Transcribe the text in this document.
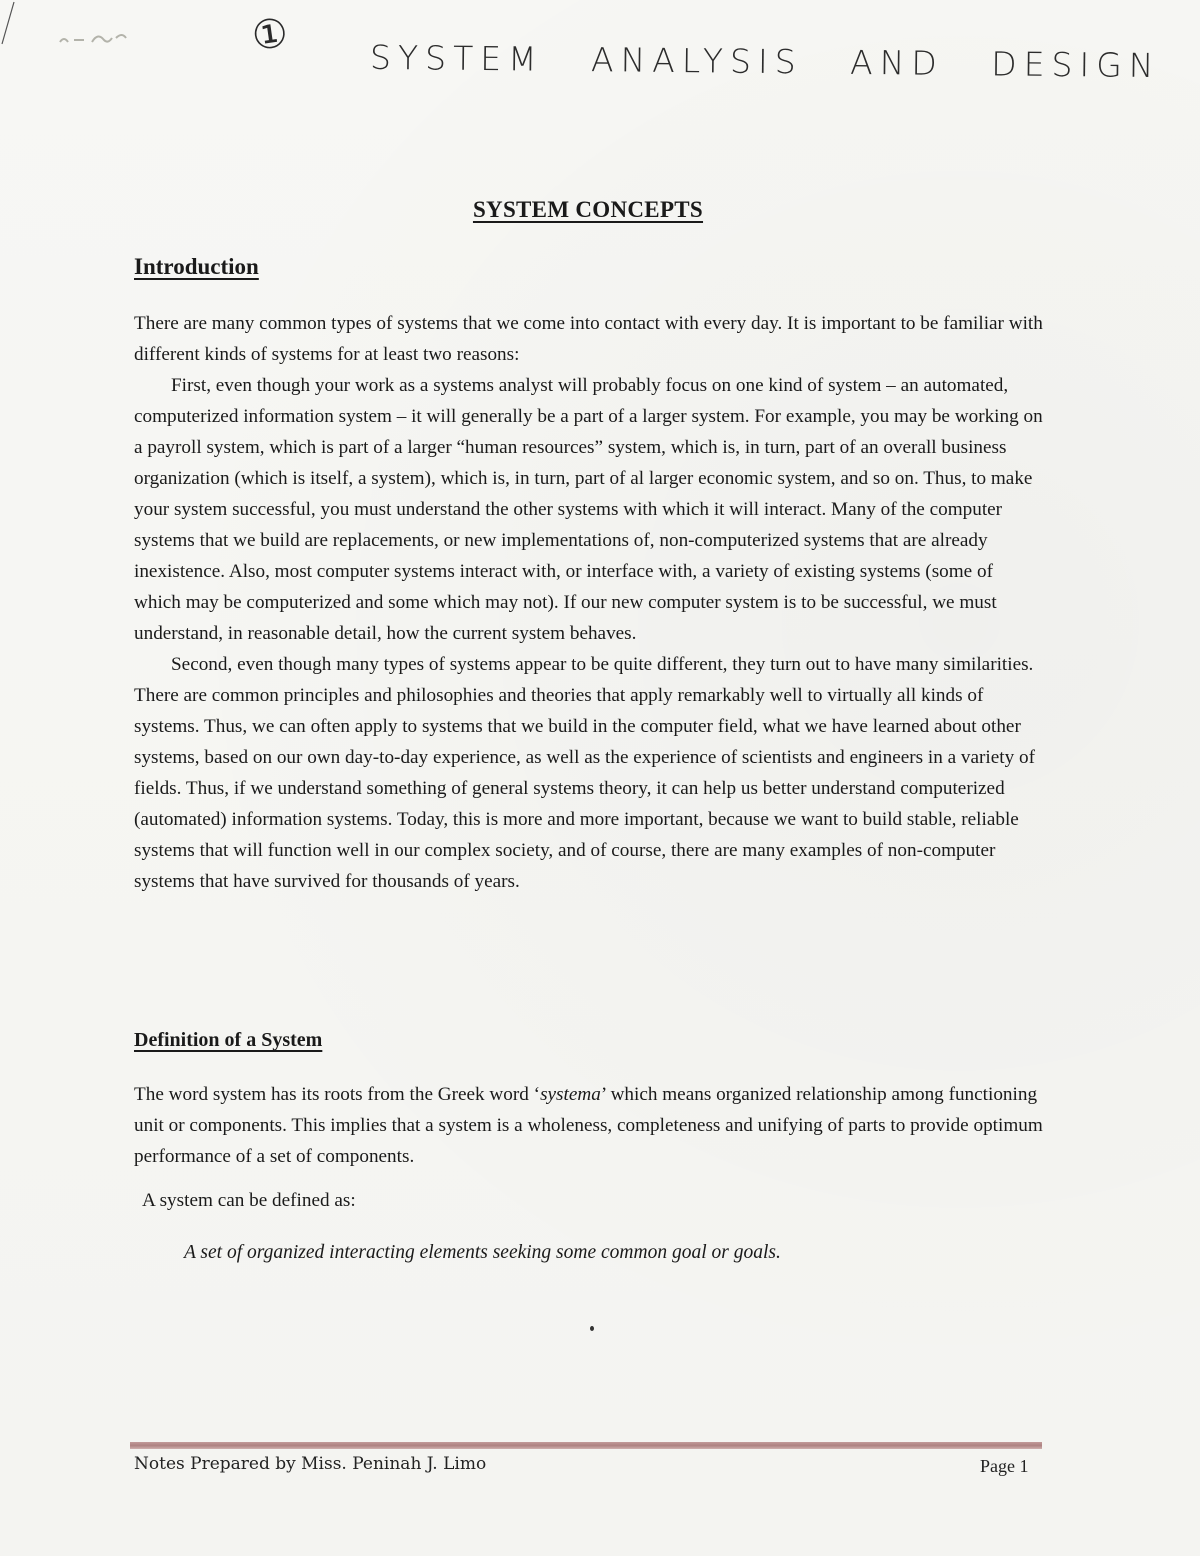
①
SYSTEM ANALYSIS AND DESIGN
SYSTEM CONCEPTS
Introduction

There are many common types of systems that we come into contact with every day. It is important to be familiar with different kinds of systems for at least two reasons:

First, even though your work as a systems analyst will probably focus on one kind of system – an automated, computerized information system – it will generally be a part of a larger system. For example, you may be working on a payroll system, which is part of a larger “human resources” system, which is, in turn, part of an overall business organization (which is itself, a system), which is, in turn, part of al larger economic system, and so on. Thus, to make your system successful, you must understand the other systems with which it will interact. Many of the computer systems that we build are replacements, or new implementations of, non-computerized systems that are already inexistence. Also, most computer systems interact with, or interface with, a variety of existing systems (some of which may be computerized and some which may not). If our new computer system is to be successful, we must understand, in reasonable detail, how the current system behaves.

Second, even though many types of systems appear to be quite different, they turn out to have many similarities. There are common principles and philosophies and theories that apply remarkably well to virtually all kinds of systems. Thus, we can often apply to systems that we build in the computer field, what we have learned about other systems, based on our own day-to-day experience, as well as the experience of scientists and engineers in a variety of fields. Thus, if we understand something of general systems theory, it can help us better understand computerized (automated) information systems. Today, this is more and more important, because we want to build stable, reliable systems that will function well in our complex society, and of course, there are many examples of non-computer systems that have survived for thousands of years.

Definition of a System

The word system has its roots from the Greek word ‘systema’ which means organized relationship among functioning unit or components. This implies that a system is a wholeness, completeness and unifying of parts to provide optimum performance of a set of components.

A system can be defined as:
A set of organized interacting elements seeking some common goal or goals.
Notes Prepared by Miss. Peninah J. Limo	Page 1
